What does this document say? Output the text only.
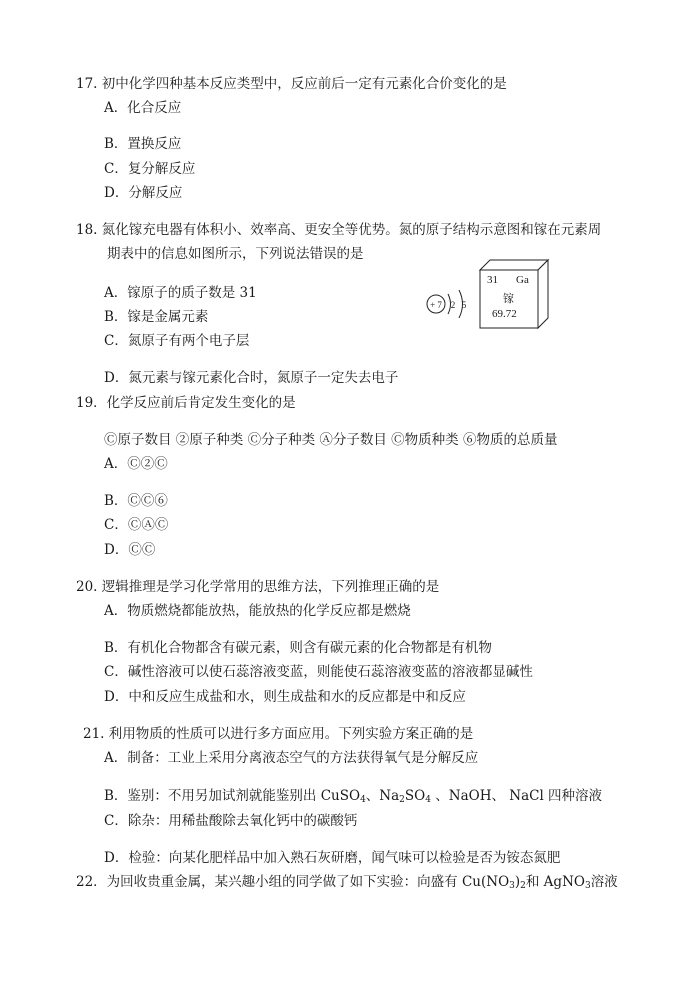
17. 初中化学四种基本反应类型中，反应前后一定有元素化合价变化的是
A．化合反应
B．置换反应
C．复分解反应
D．分解反应
18. 氮化镓充电器有体积小、效率高、更安全等优势。氮的原子结构示意图和镓在元素周
期表中的信息如图所示，下列说法错误的是
A．镓原子的质子数是 31
B．镓是金属元素
C．氮原子有两个电子层
D．氮元素与镓元素化合时，氮原子一定失去电子
+ 7 2 5
31 Ga
镓
69.72
19．化学反应前后肯定发生变化的是
Ⓒ原子数目 ②原子种类 Ⓒ分子种类 Ⓐ分子数目 Ⓒ物质种类 ⑥物质的总质量
A．Ⓒ②Ⓒ
B．ⒸⒸ⑥
C．ⒸⒶⒸ
D．ⒸⒸ
20. 逻辑推理是学习化学常用的思维方法，下列推理正确的是
A．物质燃烧都能放热，能放热的化学反应都是燃烧
B．有机化合物都含有碳元素，则含有碳元素的化合物都是有机物
C．碱性溶液可以使石蕊溶液变蓝，则能使石蕊溶液变蓝的溶液都显碱性
D．中和反应生成盐和水，则生成盐和水的反应都是中和反应
21. 利用物质的性质可以进行多方面应用。下列实验方案正确的是
A．制备：工业上采用分离液态空气的方法获得氧气是分解反应
B．鉴别：不用另加试剂就能鉴别出 CuSO$_4$、$Na_2SO_4$ 、NaOH、 NaCl 四种溶液
C．除杂：用稀盐酸除去氧化钙中的碳酸钙
D．检验：向某化肥样品中加入熟石灰研磨，闻气味可以检验是否为铵态氮肥
22．为回收贵重金属，某兴趣小组的同学做了如下实验：向盛有 $Cu(NO_3)_2$和 AgNO$_3$溶液
